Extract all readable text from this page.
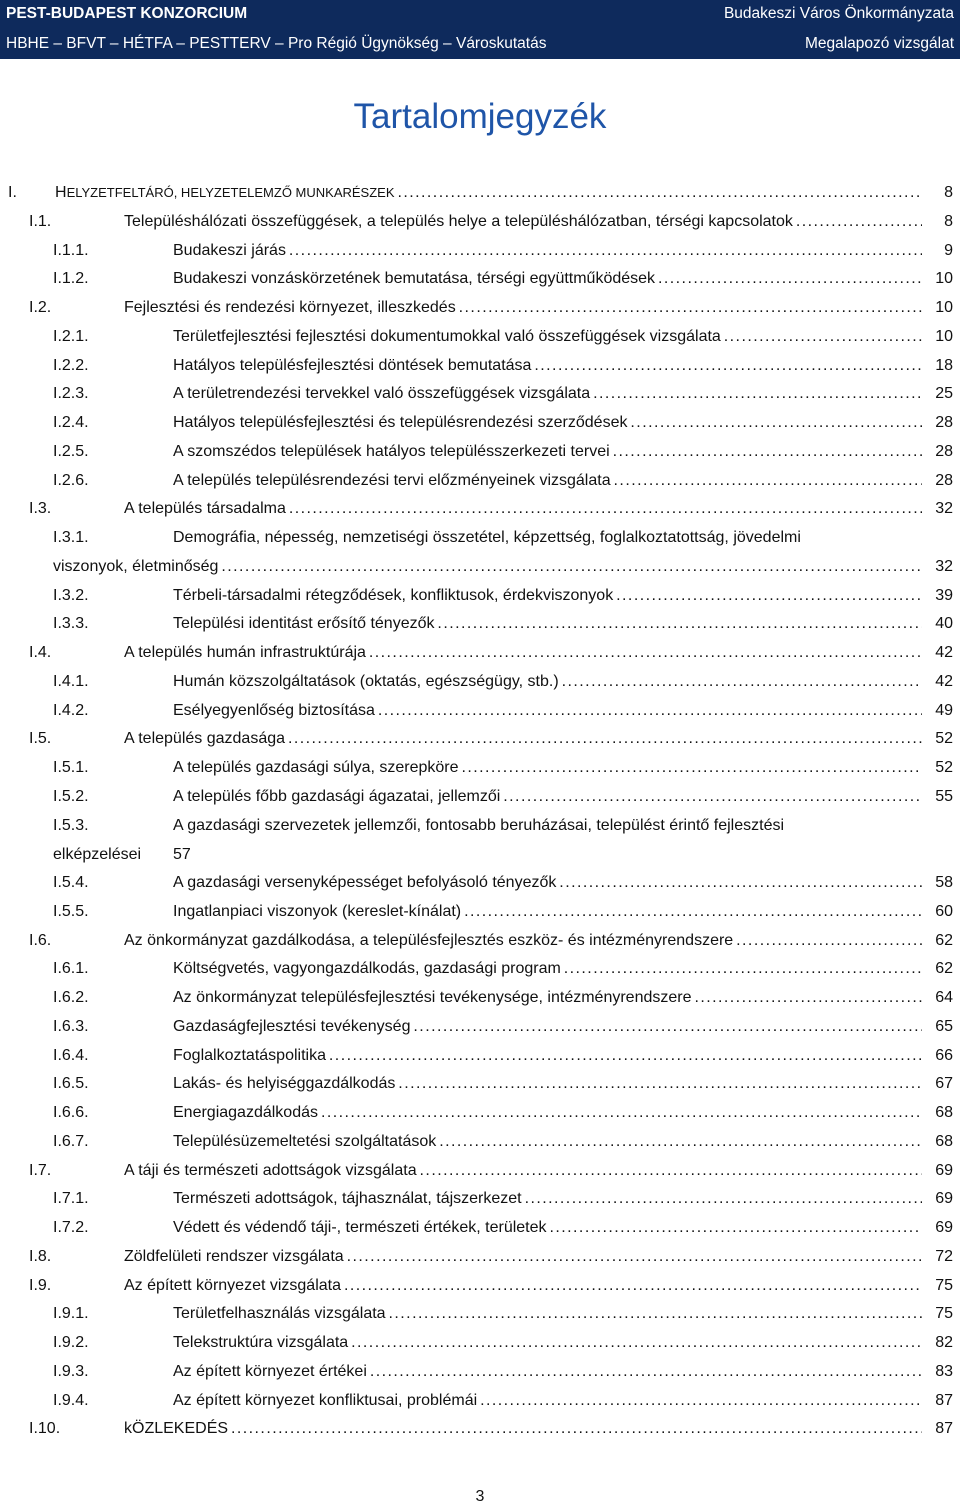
PEST-BUDAPEST KONZORCIUM	Budakeszi Város Önkormányzata
HBHE – BFVT – HÉTFA – PESTTERV – Pro Régió Ügynökség – Városkutatás	Megalapozó vizsgálat
Tartalomjegyzék
I. HELYZETFELTÁRÓ, HELYZETELEMZŐ MUNKARÉSZEK . . .	8
I.1.	Településhálózati összefüggések, a település helye a településhálózatban, térségi kapcsolatok . . .	8
I.1.1.	Budakeszi járás . . .	9
I.1.2.	Budakeszi vonzáskörzetének bemutatása, térségi együttműködések . . .	10
I.2.	Fejlesztési és rendezési környezet, illeszkedés . . .	10
I.2.1.	Területfejlesztési fejlesztési dokumentumokkal való összefüggések vizsgálata . . .	10
I.2.2.	Hatályos településfejlesztési döntések bemutatása . . .	18
I.2.3.	A területrendezési tervekkel való összefüggések vizsgálata . . .	25
I.2.4.	Hatályos településfejlesztési és településrendezési szerződések . . .	28
I.2.5.	A szomszédos települések hatályos településszerkezeti tervei . . .	28
I.2.6.	A település településrendezési tervi előzményeinek vizsgálata . . .	28
I.3.	A település társadalma . . .	32
I.3.1.	Demográfia, népesség, nemzetiségi összetétel, képzettség, foglalkoztatottság, jövedelmi
viszonyok, életminőség . . .	32
I.3.2.	Térbeli-társadalmi rétegződések, konfliktusok, érdekviszonyok . . .	39
I.3.3.	Települési identitást erősítő tényezők . . .	40
I.4.	A település humán infrastruktúrája . . .	42
I.4.1.	Humán közszolgáltatások (oktatás, egészségügy, stb.) . . .	42
I.4.2.	Esélyegyenlőség biztosítása . . .	49
I.5.	A település gazdasága . . .	52
I.5.1.	A település gazdasági súlya, szerepköre . . .	52
I.5.2.	A település főbb gazdasági ágazatai, jellemzői . . .	55
I.5.3.	A gazdasági szervezetek jellemzői, fontosabb beruházásai, települést érintő fejlesztési
elképzelései 57
I.5.4.	A gazdasági versenyképességet befolyásoló tényezők . . .	58
I.5.5.	Ingatlanpiaci viszonyok (kereslet-kínálat) . . .	60
I.6.	Az önkormányzat gazdálkodása, a településfejlesztés eszköz- és intézményrendszere . . .	62
I.6.1.	Költségvetés, vagyongazdálkodás, gazdasági program . . .	62
I.6.2.	Az önkormányzat településfejlesztési tevékenysége, intézményrendszere . . .	64
I.6.3.	Gazdaságfejlesztési tevékenység . . .	65
I.6.4.	Foglalkoztatáspolitika . . .	66
I.6.5.	Lakás- és helyiséggazdálkodás . . .	67
I.6.6.	Energiagazdálkodás . . .	68
I.6.7.	Településüzemeltetési szolgáltatások . . .	68
I.7.	A táji és természeti adottságok vizsgálata . . .	69
I.7.1.	Természeti adottságok, tájhasználat, tájszerkezet . . .	69
I.7.2.	Védett és védendő táji-, természeti értékek, területek . . .	69
I.8.	Zöldfelületi rendszer vizsgálata . . .	72
I.9.	Az épített környezet vizsgálata . . .	75
I.9.1.	Területfelhasználás vizsgálata . . .	75
I.9.2.	Telekstruktúra vizsgálata . . .	82
I.9.3.	Az épített környezet értékei . . .	83
I.9.4.	Az épített környezet konfliktusai, problémái . . .	87
I.10.	kÖZLEKEDÉS . . .	87
3
